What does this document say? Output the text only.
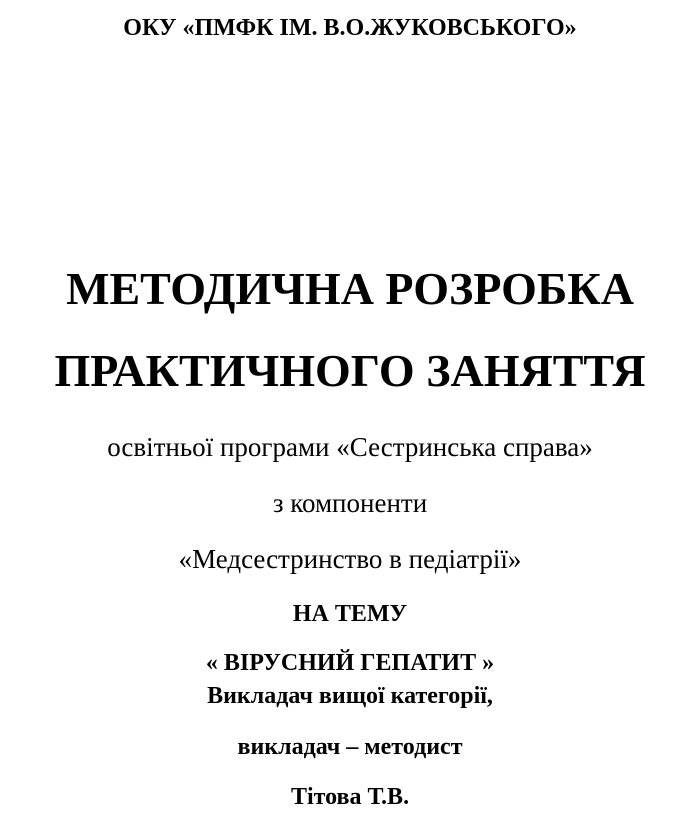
ОКУ «ПМФК ІМ. В.О.ЖУКОВСЬКОГО»
МЕТОДИЧНА РОЗРОБКА
ПРАКТИЧНОГО ЗАНЯТТЯ
освітньої програми «Сестринська справа»
з компоненти
«Медсестринство в педіатрії»
НА ТЕМУ
« ВІРУСНИЙ ГЕПАТИТ »
Викладач вищої категорії,
викладач – методист
Тітова Т.В.
